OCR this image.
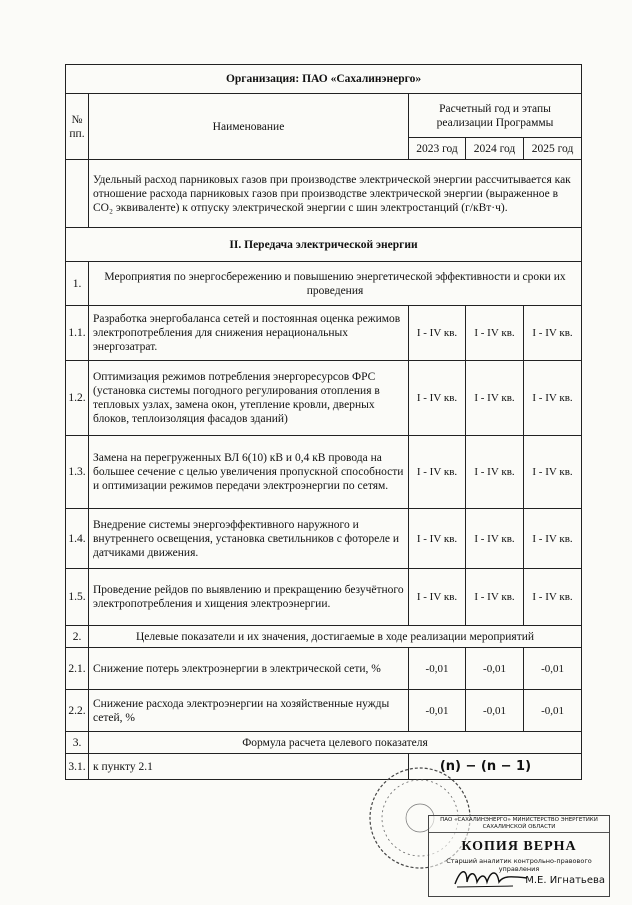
Организация: ПАО «Сахалинэнерго»				
№ пп.	Наименование	Расчетный год и этапы реализации Программы		
		2023 год	2024 год	2025 год
	Удельный расход парниковых газов при производстве электрической энергии рассчитывается как отношение расхода парниковых газов при производстве электрической энергии (выраженное в CO₂ эквиваленте) к отпуску электрической энергии с шин электростанций (г/кВт·ч).			
II. Передача электрической энергии				
1.	Мероприятия по энергосбережению и повышению энергетической эффективности и сроки их проведения			
1.1.	Разработка энергобаланса сетей и постоянная оценка режимов электропотребления для снижения нерациональных энергозатрат.	I - IV кв.	I - IV кв.	I - IV кв.
1.2.	Оптимизация режимов потребления энергоресурсов ФРС (установка системы погодного регулирования отопления в тепловых узлах, замена окон, утепление кровли, дверных блоков, теплоизоляция фасадов зданий)	I - IV кв.	I - IV кв.	I - IV кв.
1.3.	Замена на перегруженных ВЛ 6(10) кВ и 0,4 кВ провода на большее сечение с целью увеличения пропускной способности и оптимизации режимов передачи электроэнергии по сетям.	I - IV кв.	I - IV кв.	I - IV кв.
1.4.	Внедрение системы энергоэффективного наружного и внутреннего освещения, установка светильников с фотореле и датчиками движения.	I - IV кв.	I - IV кв.	I - IV кв.
1.5.	Проведение рейдов по выявлению и прекращению безучётного электропотребления и хищения электроэнергии.	I - IV кв.	I - IV кв.	I - IV кв.
2.	Целевые показатели и их значения, достигаемые в ходе реализации мероприятий			
2.1.	Снижение потерь электроэнергии в электрической сети, %	-0,01	-0,01	-0,01
2.2.	Снижение расхода электроэнергии на хозяйственные нужды сетей, %	-0,01	-0,01	-0,01
3.	Формула расчета целевого показателя			
3.1.	к пункту 2.1	(n) − (n − 1)		
ПАО «САХАЛИНЭНЕРГО» МИНИСТЕРСТВО ЭНЕРГЕТИКИ САХАЛИНСКОЙ ОБЛАСТИ
КОПИЯ ВЕРНА
Старший аналитик контрольно-правового управления
М.Е. Игнатьева
